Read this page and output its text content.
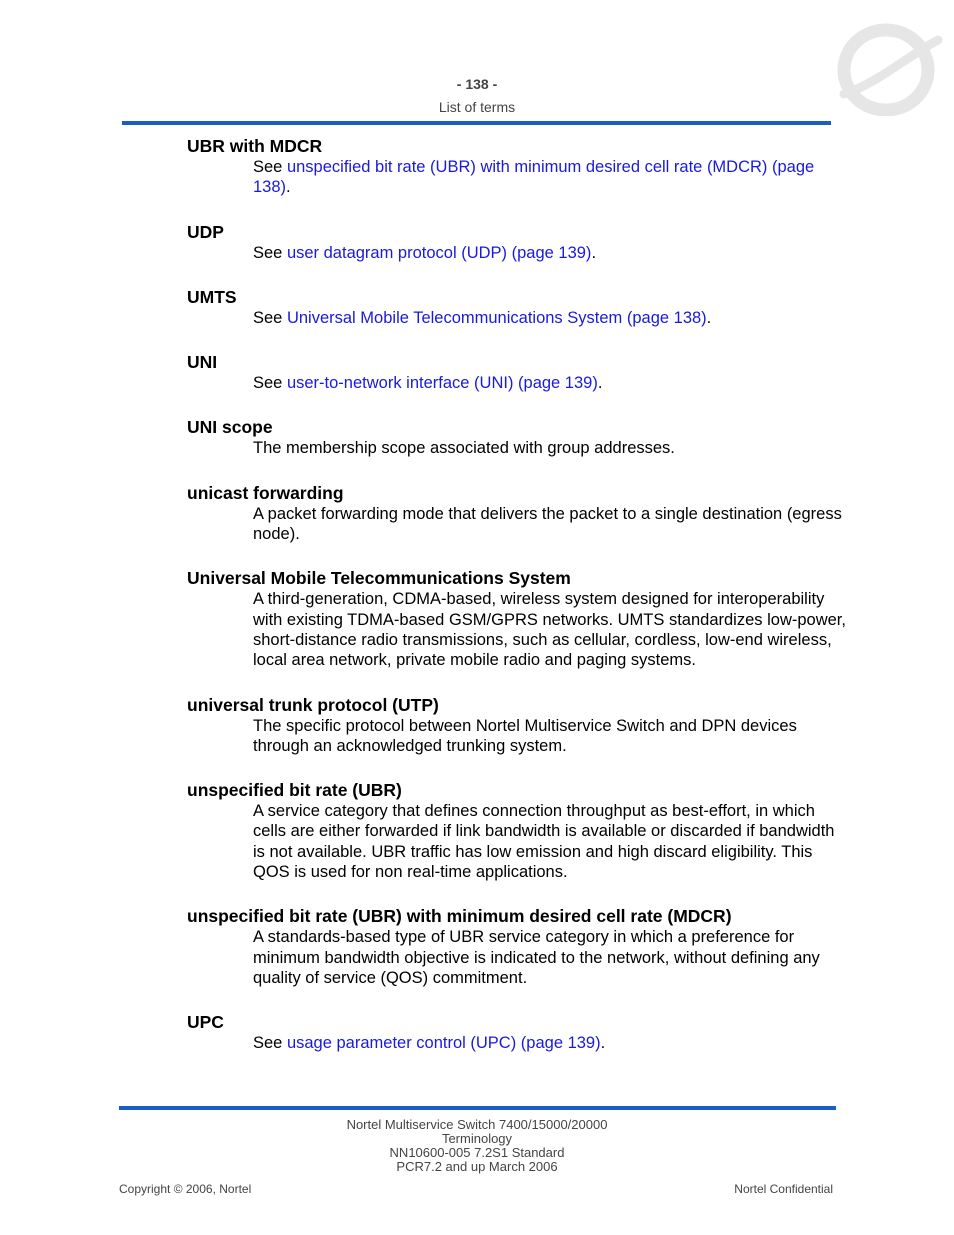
- 138 -
List of terms
UBR with MDCR

See unspecified bit rate (UBR) with minimum desired cell rate (MDCR) (page 138).

UDP

See user datagram protocol (UDP) (page 139).

UMTS

See Universal Mobile Telecommunications System (page 138).

UNI

See user-to-network interface (UNI) (page 139).

UNI scope

The membership scope associated with group addresses.

unicast forwarding

A packet forwarding mode that delivers the packet to a single destination (egress node).

Universal Mobile Telecommunications System

A third-generation, CDMA-based, wireless system designed for interoperability with existing TDMA-based GSM/GPRS networks. UMTS standardizes low-power, short-distance radio transmissions, such as cellular, cordless, low-end wireless, local area network, private mobile radio and paging systems.

universal trunk protocol (UTP)

The specific protocol between Nortel Multiservice Switch and DPN devices through an acknowledged trunking system.

unspecified bit rate (UBR)

A service category that defines connection throughput as best-effort, in which cells are either forwarded if link bandwidth is available or discarded if bandwidth is not available. UBR traffic has low emission and high discard eligibility. This QOS is used for non real-time applications.

unspecified bit rate (UBR) with minimum desired cell rate (MDCR)

A standards-based type of UBR service category in which a preference for minimum bandwidth objective is indicated to the network, without defining any quality of service (QOS) commitment.

UPC

See usage parameter control (UPC) (page 139).

Nortel Multiservice Switch 7400/15000/20000
Terminology
NN10600-005 7.2S1 Standard
PCR7.2 and up March 2006
Copyright © 2006, Nortel	Nortel Confidential
